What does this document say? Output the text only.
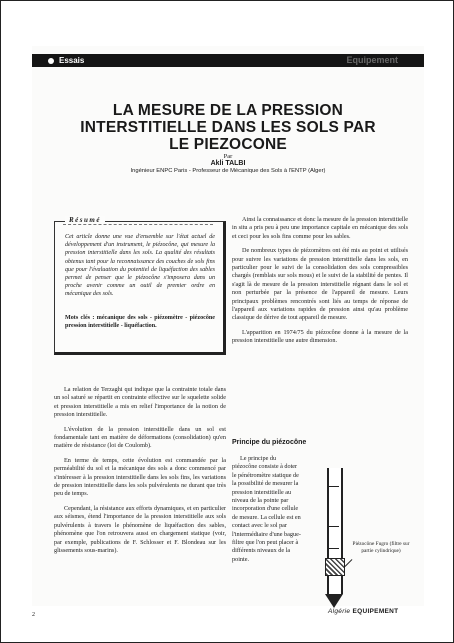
Essais	Equipement
LA MESURE DE LA PRESSION INTERSTITIELLE DANS LES SOLS PAR LE PIEZOCONE
Par
Akli TALBI
Ingénieur ENPC Paris - Professeur de Mécanique des Sols à l'ENTP (Alger)
Résumé
Cet article donne une vue d'ensemble sur l'état actuel de développement d'un instrument, le piézocône, qui mesure la pression interstitielle dans les sols. La qualité des résultats obtenus tant pour la reconnaissance des couches de sols fins que pour l'évaluation du potentiel de liquéfaction des sables permet de penser que le piézocône s'imposera dans un proche avenir comme un outil de premier ordre en mécanique des sols.
Mots clés : mécanique des sols - piézomètre - piézocône pression interstitielle - liquéfaction.

La relation de Terzaghi qui indique que la contrainte totale dans un sol saturé se répartit en contrainte effective sur le squelette solide et pression interstitielle a mis en relief l'importance de la notion de pression interstitielle.

L'évolution de la pression interstitielle dans un sol est fondamentale tant en matière de déformations (consolidation) qu'en matière de résistance (loi de Coulomb).

En terme de temps, cette évolution est commandée par la perméabilité du sol et la mécanique des sols a donc commencé par s'intéresser à la pression interstitielle dans les sols fins, les variations de pression interstitielle dans les sols pulvérulents ne durant que très peu de temps.

Cependant, la résistance aux efforts dynamiques, et en particulier aux séismes, étend l'importance de la pression interstitielle aux sols pulvérulents à travers le phénomène de liquéfaction des sables, phénomène que l'on retrouvera aussi en chargement statique (voir, par exemple, publications de F. Schlosser et F. Blondeau sur les glissements sous-marins).

Ainsi la connaissance et donc la mesure de la pression interstitielle in situ a pris peu à peu une importance capitale en mécanique des sols et ceci pour les sols fins comme pour les sables.

De nombreux types de piézomètres ont été mis au point et utilisés pour suivre les variations de pression interstitielle dans les sols, en particulier pour le suivi de la consolidation des sols compressibles chargés (remblais sur sols mous) et le suivi de la stabilité de pentes. Il s'agit là de mesure de la pression interstitielle régnant dans le sol et non perturbée par la présence de l'appareil de mesure. Leurs principaux problèmes rencontrés sont liés au temps de réponse de l'appareil aux variations rapides de pression ainsi qu'au problème classique de dérive de tout appareil de mesure.

L'apparition en 1974/75 du piézocône donne à la mesure de la pression interstitielle une autre dimension.

Principe du piézocône

Le principe du piézocône consiste à doter le pénétromètre statique de la possibilité de mesurer la pression interstitielle au niveau de la pointe par incorporation d'une cellule de mesure. La cellule est en contact avec le sol par l'intermédiaire d'une bague-filtre que l'on peut placer à différents niveaux de la pointe.

Piézocône Fugro (filtre sur partie cylindrique)
2	Algérie EQUIPEMENT
